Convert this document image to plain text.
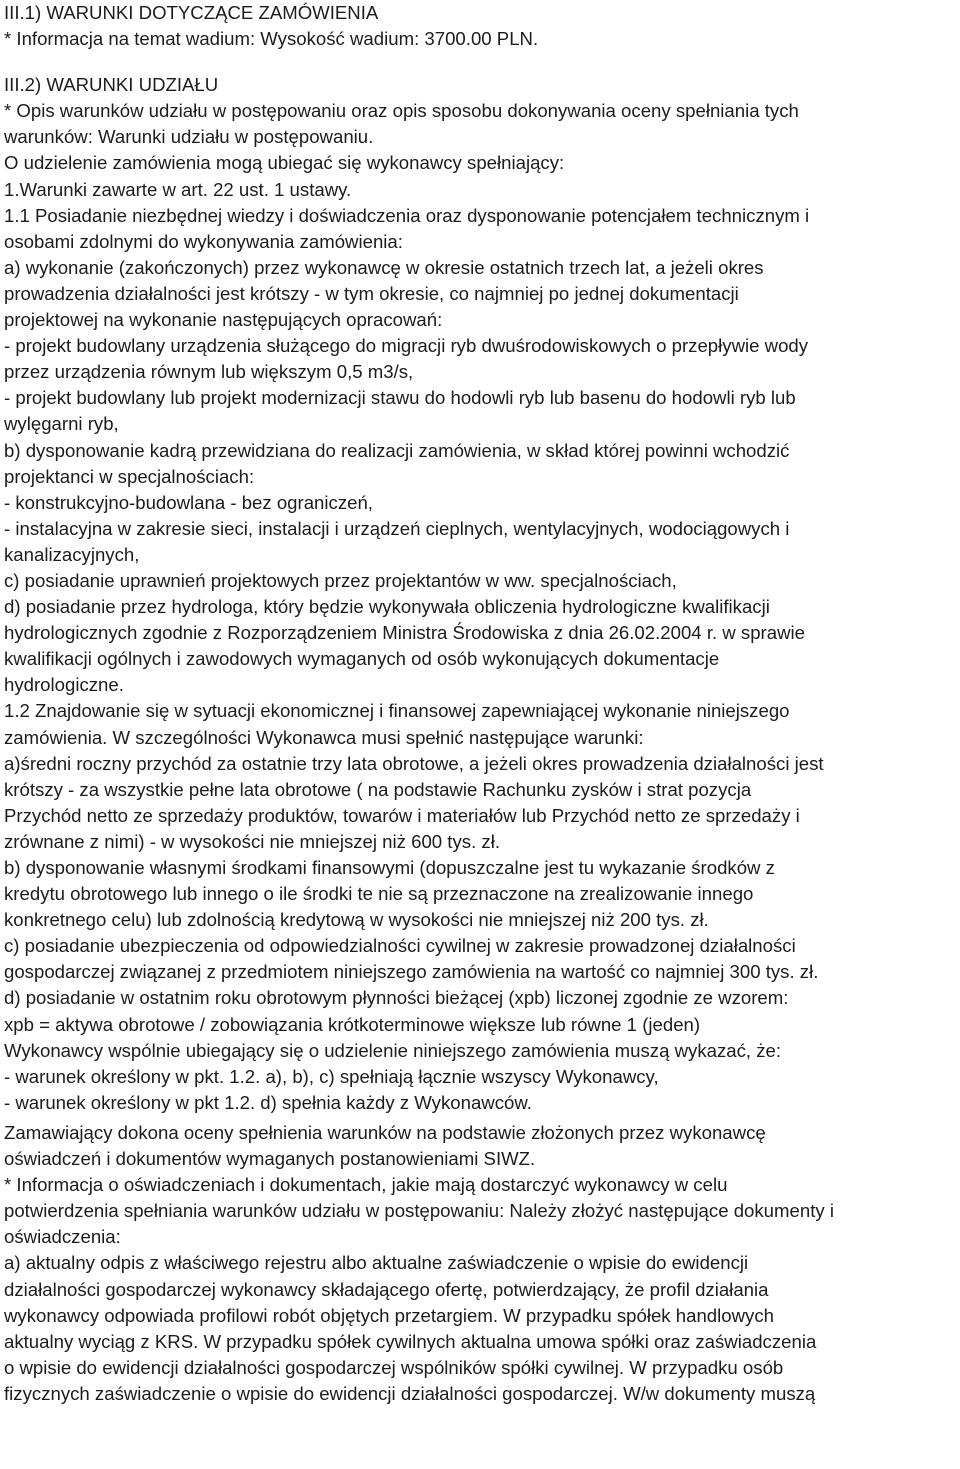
III.1) WARUNKI DOTYCZĄCE ZAMÓWIENIA
* Informacja na temat wadium: Wysokość wadium: 3700.00 PLN.
III.2) WARUNKI UDZIAŁU
* Opis warunków udziału w postępowaniu oraz opis sposobu dokonywania oceny spełniania tych
warunków: Warunki udziału w postępowaniu.
O udzielenie zamówienia mogą ubiegać się wykonawcy spełniający:
1.Warunki zawarte w art. 22 ust. 1 ustawy.
1.1 Posiadanie niezbędnej wiedzy i doświadczenia oraz dysponowanie potencjałem technicznym i
osobami zdolnymi do wykonywania zamówienia:
a) wykonanie (zakończonych) przez wykonawcę w okresie ostatnich trzech lat, a jeżeli okres
prowadzenia działalności jest krótszy - w tym okresie, co najmniej po jednej dokumentacji
projektowej na wykonanie następujących opracowań:
- projekt budowlany urządzenia służącego do migracji ryb dwuśrodowiskowych o przepływie wody
przez urządzenia równym lub większym 0,5 m3/s,
- projekt budowlany lub projekt modernizacji stawu do hodowli ryb lub basenu do hodowli ryb lub
wylęgarni ryb,
b) dysponowanie kadrą przewidziana do realizacji zamówienia, w skład której powinni wchodzić
projektanci w specjalnościach:
- konstrukcyjno-budowlana - bez ograniczeń,
- instalacyjna w zakresie sieci, instalacji i urządzeń cieplnych, wentylacyjnych, wodociągowych i
kanalizacyjnych,
c) posiadanie uprawnień projektowych przez projektantów w ww. specjalnościach,
d) posiadanie przez hydrologa, który będzie wykonywała obliczenia hydrologiczne kwalifikacji
hydrologicznych zgodnie z Rozporządzeniem Ministra Środowiska z dnia 26.02.2004 r. w sprawie
kwalifikacji ogólnych i zawodowych wymaganych od osób wykonujących dokumentacje
hydrologiczne.
1.2 Znajdowanie się w sytuacji ekonomicznej i finansowej zapewniającej wykonanie niniejszego
zamówienia. W szczególności Wykonawca musi spełnić następujące warunki:
a)średni roczny przychód za ostatnie trzy lata obrotowe, a jeżeli okres prowadzenia działalności jest
krótszy - za wszystkie pełne lata obrotowe ( na podstawie Rachunku zysków i strat pozycja
Przychód netto ze sprzedaży produktów, towarów i materiałów lub Przychód netto ze sprzedaży i
zrównane z nimi) - w wysokości nie mniejszej niż 600 tys. zł.
b) dysponowanie własnymi środkami finansowymi (dopuszczalne jest tu wykazanie środków z
kredytu obrotowego lub innego o ile środki te nie są przeznaczone na zrealizowanie innego
konkretnego celu) lub zdolnością kredytową w wysokości nie mniejszej niż 200 tys. zł.
c) posiadanie ubezpieczenia od odpowiedzialności cywilnej w zakresie prowadzonej działalności
gospodarczej związanej z przedmiotem niniejszego zamówienia na wartość co najmniej 300 tys. zł.
d) posiadanie w ostatnim roku obrotowym płynności bieżącej (xpb) liczonej zgodnie ze wzorem:
xpb = aktywa obrotowe / zobowiązania krótkoterminowe większe lub równe 1 (jeden)
Wykonawcy wspólnie ubiegający się o udzielenie niniejszego zamówienia muszą wykazać, że:
- warunek określony w pkt. 1.2. a), b), c) spełniają łącznie wszyscy Wykonawcy,
- warunek określony w pkt 1.2. d) spełnia każdy z Wykonawców.
Zamawiający dokona oceny spełnienia warunków na podstawie złożonych przez wykonawcę
oświadczeń i dokumentów wymaganych postanowieniami SIWZ.
* Informacja o oświadczeniach i dokumentach, jakie mają dostarczyć wykonawcy w celu
potwierdzenia spełniania warunków udziału w postępowaniu: Należy złożyć następujące dokumenty i
oświadczenia:
a) aktualny odpis z właściwego rejestru albo aktualne zaświadczenie o wpisie do ewidencji
działalności gospodarczej wykonawcy składającego ofertę, potwierdzający, że profil działania
wykonawcy odpowiada profilowi robót objętych przetargiem. W przypadku spółek handlowych
aktualny wyciąg z KRS. W przypadku spółek cywilnych aktualna umowa spółki oraz zaświadczenia
o wpisie do ewidencji działalności gospodarczej wspólników spółki cywilnej. W przypadku osób
fizycznych zaświadczenie o wpisie do ewidencji działalności gospodarczej. W/w dokumenty muszą
